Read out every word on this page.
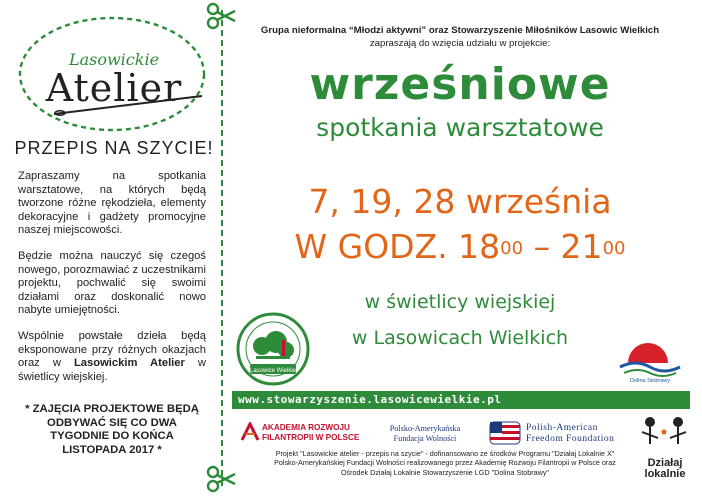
Lasowickie
Atelier
PRZEPIS NA SZYCIE!

Zapraszamy na spotkania warsztatowe, na których będą tworzone różne rękodzieła, elementy dekoracyjne i gadżety promocyjne naszej miejscowości.

Będzie można nauczyć się czegoś nowego, porozmawiać z uczestnikami projektu, pochwalić się swoimi działami oraz doskonalić nowo nabyte umiejętności.

Wspólnie powstałe dzieła będą eksponowane przy różnych okazjach oraz w Lasowickim Atelier w świetlicy wiejskiej.

* ZAJĘCIA PROJEKTOWE BĘDĄ ODBYWAĆ SIĘ CO DWA TYGODNIE DO KOŃCA LISTOPADA 2017 *
Grupa nieformalna “Młodzi aktywni” oraz Stowarzyszenie Miłośników Lasowic Wielkich
zapraszają do wzięcia udziału w projekcie:
wrześniowe
spotkania warsztatowe
7, 19, 28 września
W GODZ. $18^{00} - 21^{00}$
w świetlicy wiejskiej
w Lasowicach Wielkich
Lasowice Wielkie
Dolina Stobrawy
www.stowarzyszenie.lasowicewielkie.pl
AKADEMIA ROZWOJU
FILANTROPII W POLSCE
Polsko-Amerykańska
Fundacja Wolności
Polish-American
Freedom Foundation
Projekt "Lasowickie atelier - przepis na szycie" - dofinansowano ze środków Programu "Działaj Lokalnie X"
Polsko-Amerykańskiej Fundacji Wolności realizowanego przez Akademię Rozwoju Filantropii w Polsce oraz
Ośrodek Działaj Lokalnie Stowarzyszenie LGD "Dolina Stobrawy"
Działaj
lokalnie
